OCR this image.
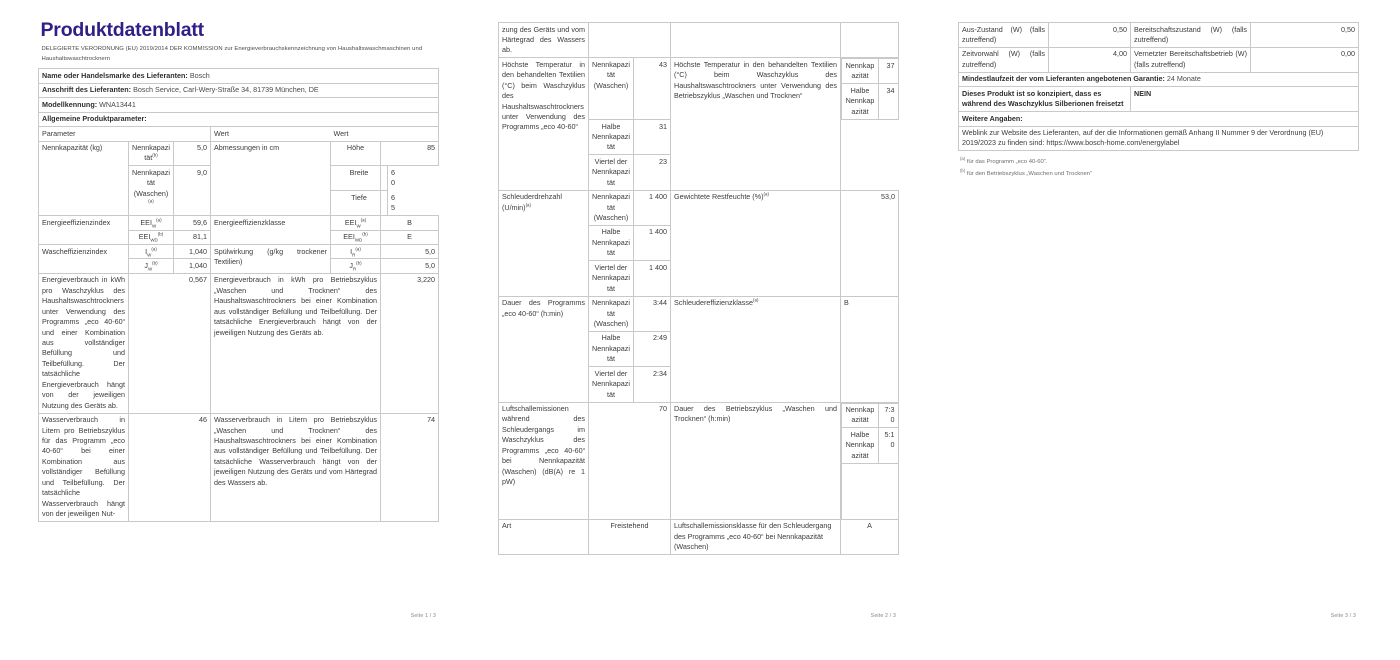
Produktdatenblatt

DELEGIERTE VERORDNUNG (EU) 2019/2014 DER KOMMISSION zur Energieverbrauchskennzeichnung von Haushaltswaschmaschinen und Haushaltswaschtrocknern

Name oder Handelsmarke des Lieferanten: Bosch
Anschrift des Lieferanten: Bosch Service, Carl-Wery-Straße 34, 81739 München, DE
Modellkennung: WNA13441
Allgemeine Produktparameter:
Parameter	Wert	Wert
Nennkapazität (kg)	Nennkapazität$^{(b)}$	5,0	Abmessungen in cm	Höhe	85
Nennkapazität (Waschen)$^{(a)}$	9,0		Breite	60
Tiefe	65

Energieeffizienzindex	$EEI_W^{(a)}$	59,6	Energieeffizienzklasse	$EEI_W^{(a)}$	B
$EEI_{WD}^{(b)}$	81,1	$EEI_{WD}^{(b)}$	E
Wascheffizienzindex	$I_W^{(a)}$	1,040	Spülwirkung (g/kg trockener Textilien)	$I_R^{(a)}$	5,0
$J_W^{(b)}$	1,040	$J_R^{(b)}$	5,0
Energieverbrauch in kWh pro Waschzyklus des Haushaltswaschtrockners unter Verwendung des Programms „eco 40-60“ und einer Kombination aus vollständiger Befüllung und Teilbefüllung. Der tatsächliche Energieverbrauch hängt von der jeweiligen Nutzung des Geräts ab.	0,567	Energieverbrauch in kWh pro Betriebszyklus „Waschen und Trocknen“ des Haushaltswaschtrockners bei einer Kombination aus vollständiger Befüllung und Teilbefüllung. Der tatsächliche Energieverbrauch hängt von der jeweiligen Nutzung des Geräts ab.	3,220
Wasserverbrauch in Litern pro Betriebszyklus für das Programm „eco 40-60“ bei einer Kombination aus vollständiger Befüllung und Teilbefüllung. Der tatsächliche Wasserverbrauch hängt von der jeweiligen Nut-	46	Wasserverbrauch in Litern pro Betriebszyklus „Waschen und Trocknen“ des Haushaltswaschtrockners bei einer Kombination aus vollständiger Befüllung und Teilbefüllung. Der tatsächliche Wasserverbrauch hängt von der jeweiligen Nutzung des Geräts und vom Härtegrad des Wassers ab.	74
Seite 1 / 3
zung des Geräts und vom Härtegrad des Wassers ab.			
Höchste Temperatur in den behandelten Textilien (°C) beim Waschzyklus des Haushaltswaschtrockners unter Verwendung des Programms „eco 40-60“	Nennkapazität (Waschen)	43	Höchste Temperatur in den behandelten Textilien (°C) beim Waschzyklus des Haushaltswaschtrockners unter Verwendung des Betriebszyklus „Waschen und Trocknen“	
Nennkapazität	37
Halbe Nennkapazität	34

Halbe Nennkapazität	31
Viertel der Nennkapazität	23
Schleuderdrehzahl $(U/\min)^{(a)}$	Nennkapazität (Waschen)	1 400	Gewichtete Restfeuchte (%)$^{(a)}$	53,0
Halbe Nennkapazität	1 400
Viertel der Nennkapazität	1 400
Dauer des Programms „eco 40-60“ (h:min)	Nennkapazität (Waschen)	3:44	Schleudereffizienzklasse$^{(a)}$	B
Halbe Nennkapazität	2:49
Viertel der Nennkapazität	2:34
Luftschallemissionen während des Schleudergangs im Waschzyklus des Programms „eco 40-60“ bei Nennkapazität (Waschen) (dB(A) re 1 pW)	70	Dauer des Betriebszyklus „Waschen und Trocknen“ (h:min)	
Nennkapazität	7:30
Halbe Nennkapazität	5:10

Art	Freistehend	Luftschallemissionsklasse für den Schleudergang des Programms „eco 40-60“ bei Nennkapazität (Waschen)	A
Seite 2 / 3
Aus-Zustand (W) (falls zutreffend)	0,50	Bereitschaftszustand (W) (falls zutreffend)	0,50
Zeitvorwahl (W) (falls zutreffend)	4,00	Vernetzter Bereitschaftsbetrieb (W) (falls zutreffend)	0,00
Mindestlaufzeit der vom Lieferanten angebotenen Garantie: 24 Monate			
Dieses Produkt ist so konzipiert, dass es während des Waschzyklus Silberionen freisetzt		NEIN	
Weitere Angaben:			
Weblink zur Website des Lieferanten, auf der die Informationen gemäß Anhang II Nummer 9 der Verordnung (EU) 2019/2023 zu finden sind: https://www.bosch-home.com/energylabel			
$^{(a)}$ für das Programm „eco 40-60“.
$^{(b)}$ für den Betriebszyklus „Waschen und Trocknen“
Seite 3 / 3
